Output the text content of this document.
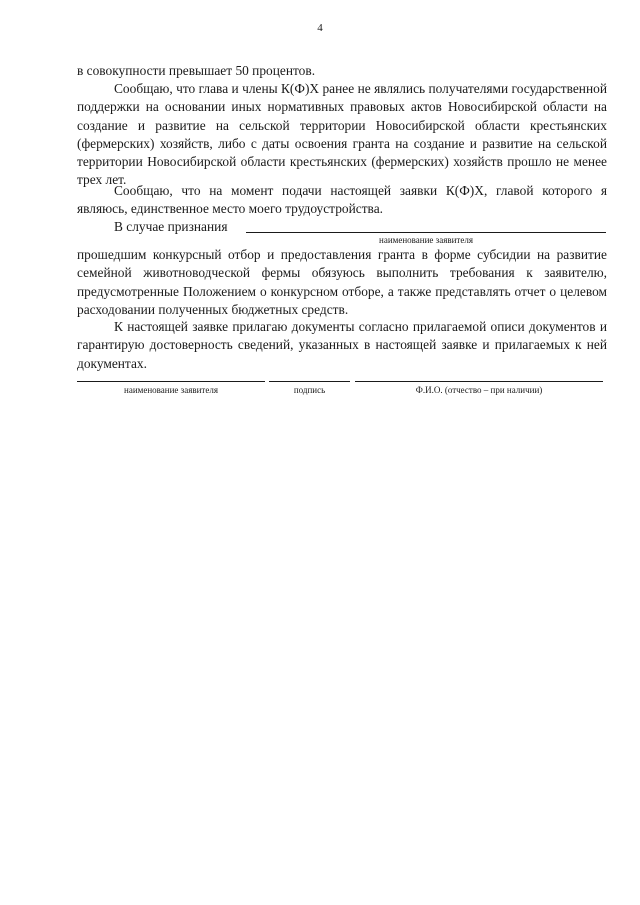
4
в совокупности превышает 50 процентов.
Сообщаю, что глава и члены К(Ф)Х ранее не являлись получателями государственной поддержки на основании иных нормативных правовых актов Новосибирской области на создание и развитие на сельской территории Новосибирской области крестьянских (фермерских) хозяйств, либо с даты освоения гранта на создание и развитие на сельской территории Новосибирской области крестьянских (фермерских) хозяйств прошло не менее трех лет.
Сообщаю, что на момент подачи настоящей заявки К(Ф)Х, главой которого я являюсь, единственное место моего трудоустройства.
В случае признания
наименование заявителя
прошедшим конкурсный отбор и предоставления гранта в форме субсидии на развитие семейной животноводческой фермы обязуюсь выполнить требования к заявителю, предусмотренные Положением о конкурсном отборе, а также представлять отчет о целевом расходовании полученных бюджетных средств.
К настоящей заявке прилагаю документы согласно прилагаемой описи документов и гарантирую достоверность сведений, указанных в настоящей заявке и прилагаемых к ней документах.
наименование заявителя	подпись	Ф.И.О. (отчество – при наличии)
